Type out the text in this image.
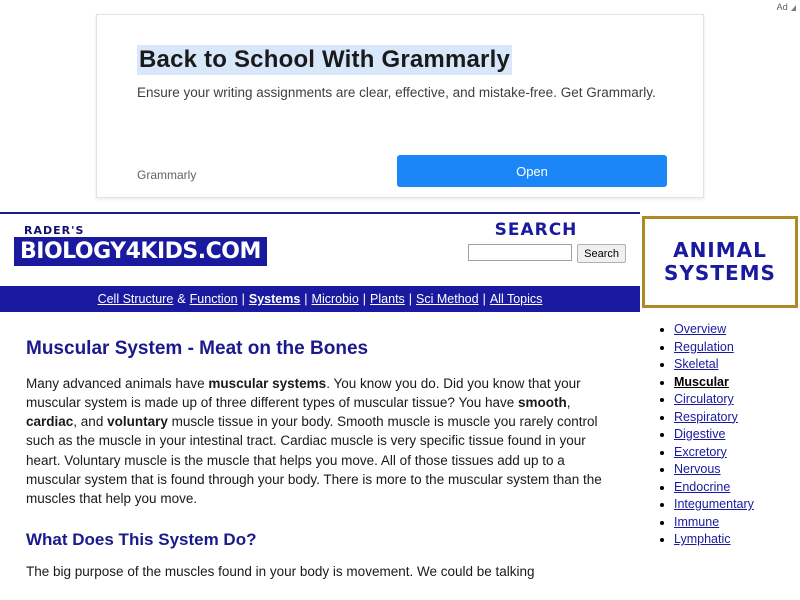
Ad
Back to School With Grammarly
Ensure your writing assignments are clear, effective, and mistake-free. Get Grammarly.
Grammarly	Open
RADER'S
BIOLOGY4KIDS.COM
SEARCH
Search
Cell Structure & Function | Systems | Microbio | Plants | Sci Method | All Topics
ANIMAL
SYSTEMS
• Overview
• Regulation
• Skeletal
• Muscular
• Circulatory
• Respiratory
• Digestive
• Excretory
• Nervous
• Endocrine
• Integumentary
• Immune
• Lymphatic
Muscular System - Meat on the Bones

Many advanced animals have muscular systems. You know you do. Did you know that your muscular system is made up of three different types of muscular tissue? You have smooth, cardiac, and voluntary muscle tissue in your body. Smooth muscle is muscle you rarely control such as the muscle in your intestinal tract. Cardiac muscle is very specific tissue found in your heart. Voluntary muscle is the muscle that helps you move. All of those tissues add up to a muscular system that is found through your body. There is more to the muscular system than the muscles that help you move.

What Does This System Do?

The big purpose of the muscles found in your body is movement. We could be talking
